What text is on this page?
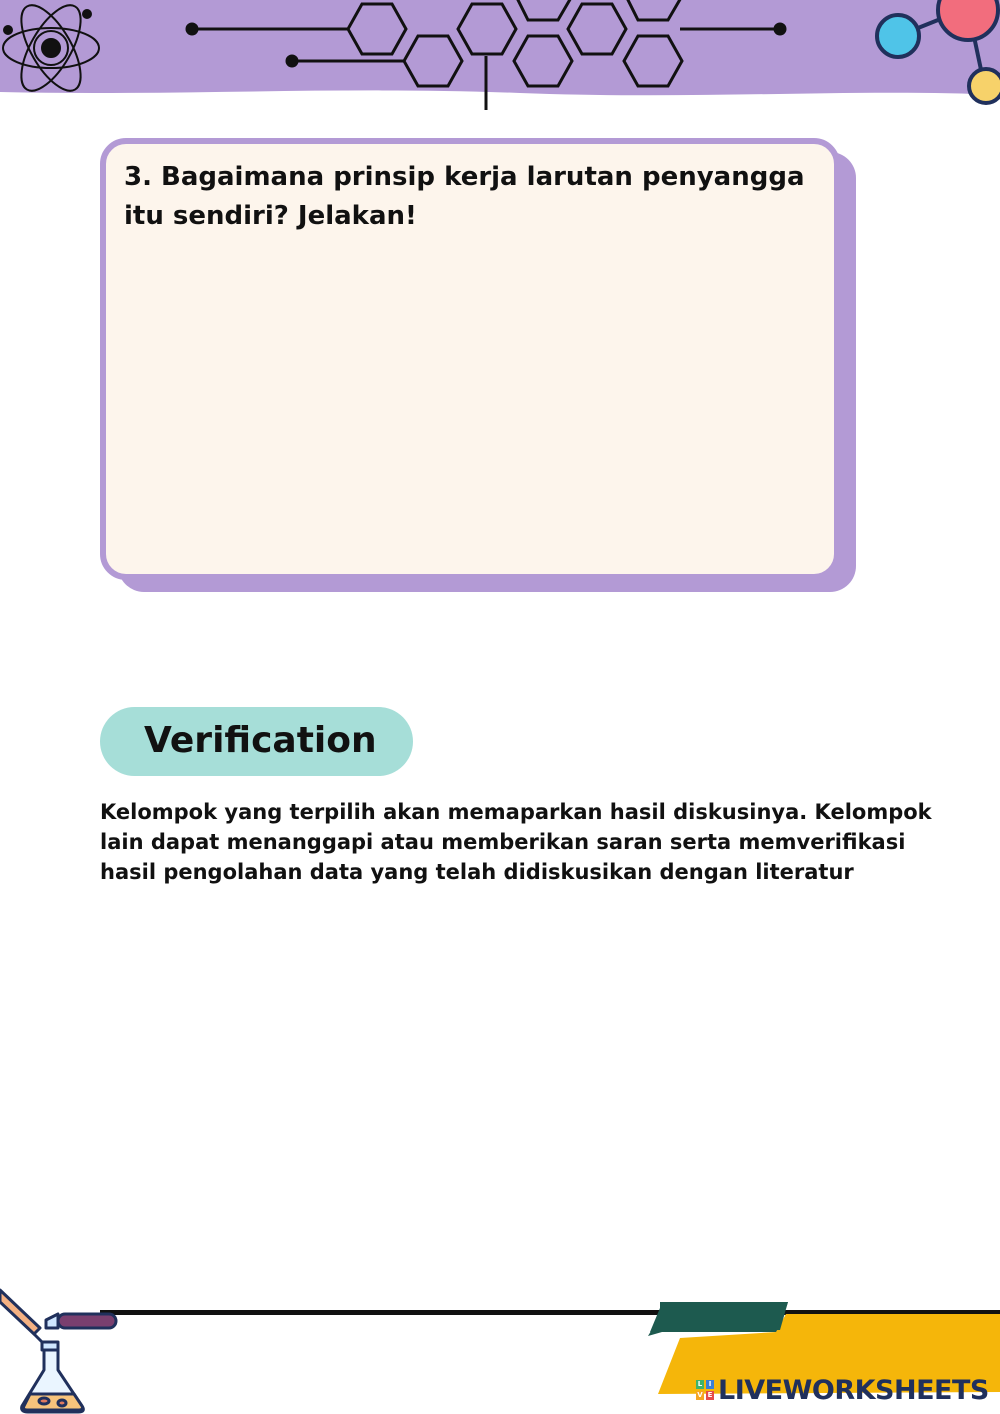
3. Bagaimana prinsip kerja larutan penyangga itu sendiri? Jelakan!

Verification
Kelompok yang terpilih akan memaparkan hasil diskusinya. Kelompok lain dapat menanggapi atau memberikan saran serta memverifikasi hasil pengolahan data yang telah didiskusikan dengan literatur
L I
V E LIVEWORKSHEETS
